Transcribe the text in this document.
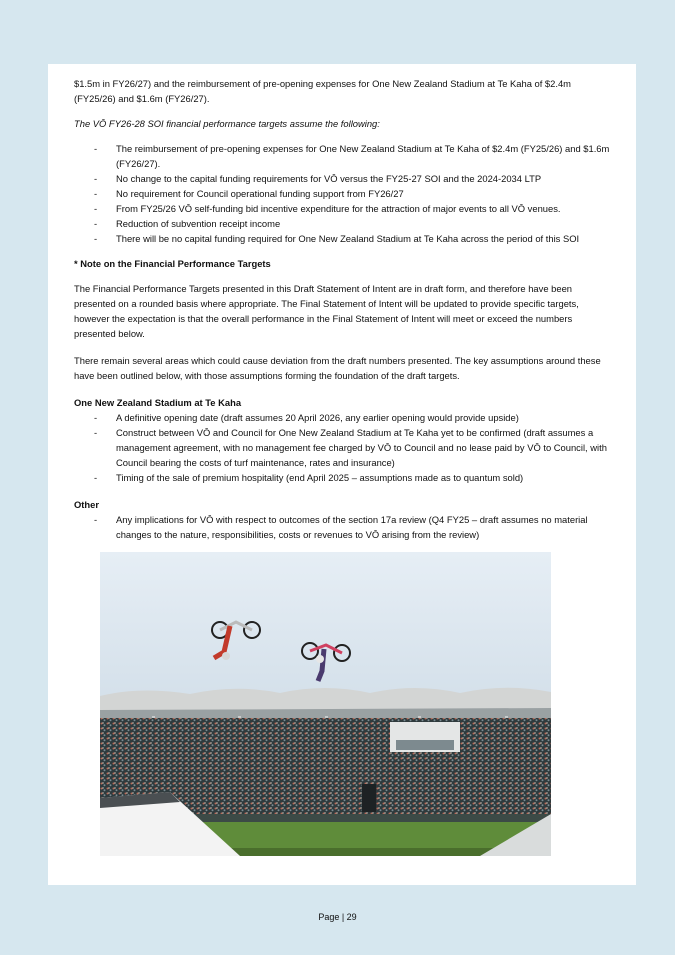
$1.5m in FY26/27) and the reimbursement of pre-opening expenses for One New Zealand Stadium at Te Kaha of $2.4m (FY25/26) and $1.6m (FY26/27).

The VŌ FY26-28 SOI financial performance targets assume the following:

- The reimbursement of pre-opening expenses for One New Zealand Stadium at Te Kaha of $2.4m (FY25/26) and $1.6m (FY26/27).
- No change to the capital funding requirements for VŌ versus the FY25-27 SOI and the 2024-2034 LTP
- No requirement for Council operational funding support from FY26/27
- From FY25/26 VŌ self-funding bid incentive expenditure for the attraction of major events to all VŌ venues.
- Reduction of subvention receipt income
- There will be no capital funding required for One New Zealand Stadium at Te Kaha across the period of this SOI

* Note on the Financial Performance Targets

The Financial Performance Targets presented in this Draft Statement of Intent are in draft form, and therefore have been presented on a rounded basis where appropriate. The Final Statement of Intent will be updated to provide specific targets, however the expectation is that the overall performance in the Final Statement of Intent will meet or exceed the numbers presented below.

There remain several areas which could cause deviation from the draft numbers presented. The key assumptions around these have been outlined below, with those assumptions forming the foundation of the draft targets.

One New Zealand Stadium at Te Kaha

- A definitive opening date (draft assumes 20 April 2026, any earlier opening would provide upside)
- Construct between VŌ and Council for One New Zealand Stadium at Te Kaha yet to be confirmed (draft assumes a management agreement, with no management fee charged by VŌ to Council and no lease paid by VŌ to Council, with Council bearing the costs of turf maintenance, rates and insurance)
- Timing of the sale of premium hospitality (end April 2025 – assumptions made as to quantum sold)

Other

- Any implications for VŌ with respect to outcomes of the section 17a review (Q4 FY25 – draft assumes no material changes to the nature, responsibilities, costs or revenues to VŌ arising from the review)
Page | 29
